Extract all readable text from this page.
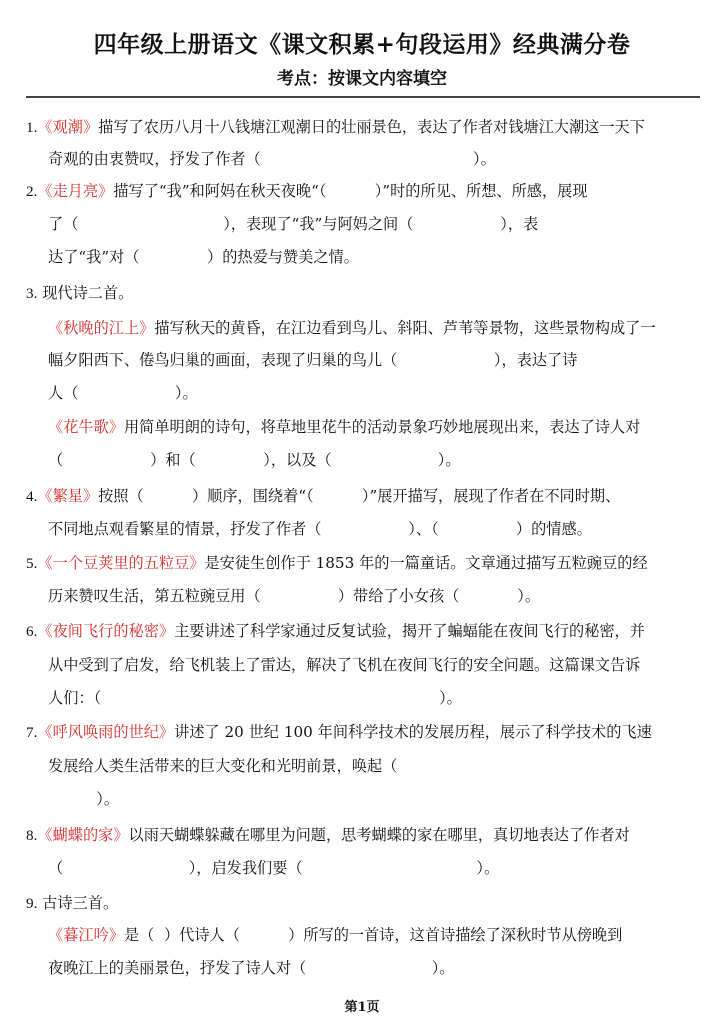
四年级上册语文《课文积累+句段运用》经典满分卷
考点：按课文内容填空
1.《观潮》描写了农历八月十八钱塘江观潮日的壮丽景色，表达了作者对钱塘江大潮这一天下
奇观的由衷赞叹，抒发了作者（                                            ）。
2.《走月亮》描写了“我”和阿妈在秋天夜晚“（          ）”时的所见、所想、所感，展现
了（                              ），表现了“我”与阿妈之间（                  ），表
达了“我”对（              ）的热爱与赞美之情。
3. 现代诗二首。
《秋晚的江上》描写秋天的黄昏，在江边看到鸟儿、斜阳、芦苇等景物，这些景物构成了一
幅夕阳西下、倦鸟归巢的画面，表现了归巢的鸟儿（                    ），表达了诗
人（                    ）。
《花牛歌》用简单明朗的诗句，将草地里花牛的活动景象巧妙地展现出来，表达了诗人对
（                  ）和（              ），以及（                      ）。
4.《繁星》按照（          ）顺序，围绕着“（          ）”展开描写，展现了作者在不同时期、
不同地点观看繁星的情景，抒发了作者（                  ）、（                ）的情感。
5.《一个豆荚里的五粒豆》是安徒生创作于 1853 年的一篇童话。文章通过描写五粒豌豆的经
历来赞叹生活，第五粒豌豆用（                ）带给了小女孩（            ）。
6.《夜间飞行的秘密》主要讲述了科学家通过反复试验，揭开了蝙蝠能在夜间飞行的秘密，并
从中受到了启发，给飞机装上了雷达，解决了飞机在夜间飞行的安全问题。这篇课文告诉
人们：（                                                                      ）。
7.《呼风唤雨的世纪》讲述了 20 世纪 100 年间科学技术的发展历程，展示了科学技术的飞速
发展给人类生活带来的巨大变化和光明前景，唤起（
）。
8.《蝴蝶的家》以雨天蝴蝶躲藏在哪里为问题，思考蝴蝶的家在哪里，真切地表达了作者对
（                          ），启发我们要（                                    ）。
9. 古诗三首。
《暮江吟》是（  ）代诗人（          ）所写的一首诗，这首诗描绘了深秋时节从傍晚到
夜晚江上的美丽景色，抒发了诗人对（                          ）。
第1页
